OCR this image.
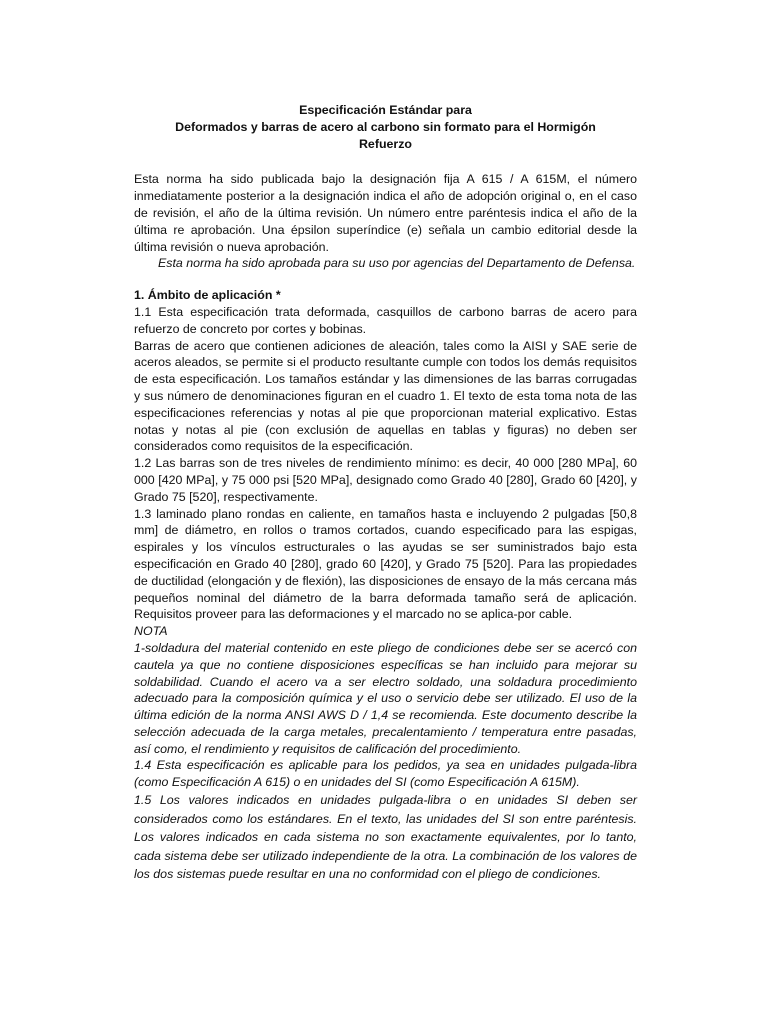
Especificación Estándar para
Deformados y barras de acero al carbono sin formato para el Hormigón
Refuerzo

Esta norma ha sido publicada bajo la designación fija A 615 / A 615M, el número inmediatamente posterior a la designación indica el año de adopción original o, en el caso de revisión, el año de la última revisión. Un número entre paréntesis indica el año de la última re aprobación. Una épsilon superíndice (e) señala un cambio editorial desde la última revisión o nueva aprobación.

Esta norma ha sido aprobada para su uso por agencias del Departamento de Defensa.

1. Ámbito de aplicación *

1.1 Esta especificación trata deformada, casquillos de carbono barras de acero para refuerzo de concreto por cortes y bobinas.

Barras de acero que contienen adiciones de aleación, tales como la AISI y SAE serie de aceros aleados, se permite si el producto resultante cumple con todos los demás requisitos de esta especificación. Los tamaños estándar y las dimensiones de las barras corrugadas y sus número de denominaciones figuran en el cuadro 1. El texto de esta toma nota de las especificaciones referencias y notas al pie que proporcionan material explicativo. Estas notas y notas al pie (con exclusión de aquellas en tablas y figuras) no deben ser considerados como requisitos de la especificación.

1.2 Las barras son de tres niveles de rendimiento mínimo: es decir, 40 000 [280 MPa], 60 000 [420 MPa], y 75 000 psi [520 MPa], designado como Grado 40 [280], Grado 60 [420], y Grado 75 [520], respectivamente.

1.3 laminado plano rondas en caliente, en tamaños hasta e incluyendo 2 pulgadas [50,8 mm] de diámetro, en rollos o tramos cortados, cuando especificado para las espigas, espirales y los vínculos estructurales o las ayudas se ser suministrados bajo esta especificación en Grado 40 [280], grado 60 [420], y Grado 75 [520]. Para las propiedades de ductilidad (elongación y de flexión), las disposiciones de ensayo de la más cercana más pequeños nominal del diámetro de la barra deformada tamaño será de aplicación. Requisitos proveer para las deformaciones y el marcado no se aplica-por cable.

NOTA

1-soldadura del material contenido en este pliego de condiciones debe ser se acercó con cautela ya que no contiene disposiciones específicas se han incluido para mejorar su soldabilidad. Cuando el acero va a ser electro soldado, una soldadura procedimiento adecuado para la composición química y el uso o servicio debe ser utilizado. El uso de la última edición de la norma ANSI AWS D / 1,4 se recomienda. Este documento describe la selección adecuada de la carga metales, precalentamiento / temperatura entre pasadas, así como, el rendimiento y requisitos de calificación del procedimiento.

1.4 Esta especificación es aplicable para los pedidos, ya sea en unidades pulgada-libra (como Especificación A 615) o en unidades del SI (como Especificación A 615M).

1.5 Los valores indicados en unidades pulgada-libra o en unidades SI deben ser considerados como los estándares. En el texto, las unidades del SI son entre paréntesis. Los valores indicados en cada sistema no son exactamente equivalentes, por lo tanto, cada sistema debe ser utilizado independiente de la otra. La combinación de los valores de los dos sistemas puede resultar en una no conformidad con el pliego de condiciones.
